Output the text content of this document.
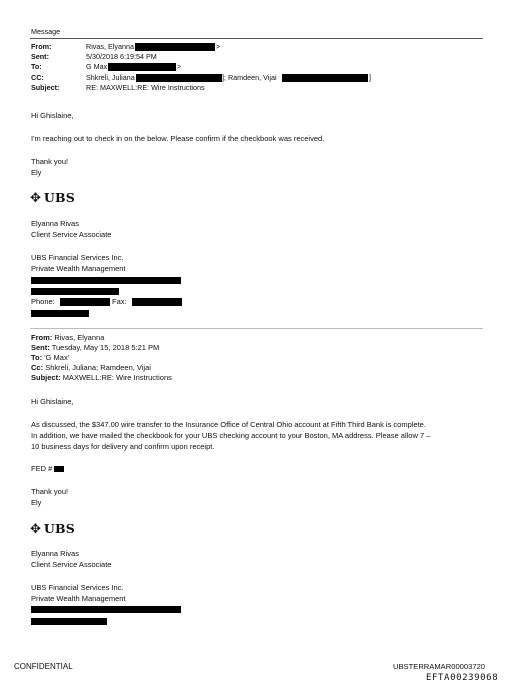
Message
From:	Rivas, Elyanna	>
Sent:	5/30/2018 6:19:54 PM
To:	G Max	>
CC:	Shkreli, Juliana	]; Ramdeen, Vijai	]
Subject:	RE: MAXWELL:RE: Wire Instructions
Hi Ghislaine,
I'm reaching out to check in on the below. Please confirm if the checkbook was received.
Thank you!
Ely
✥ UBS
Elyanna Rivas
Client Service Associate
UBS Financial Services Inc.
Private Wealth Management
Phone:	Fax:
From: Rivas, Elyanna
Sent: Tuesday, May 15, 2018 5:21 PM
To: 'G Max'
Cc: Shkreli, Juliana; Ramdeen, Vijai
Subject: MAXWELL:RE: Wire Instructions
Hi Ghislaine,
As discussed, the $347.00 wire transfer to the Insurance Office of Central Ohio account at Fifth Third Bank is complete.
In addition, we have mailed the checkbook for your UBS checking account to your Boston, MA address. Please allow 7 –
10 business days for delivery and confirm upon receipt.
FED #
Thank you!
Ely
✥ UBS
Elyanna Rivas
Client Service Associate
UBS Financial Services Inc.
Private Wealth Management
CONFIDENTIAL	UBSTERRAMAR00003720
EFTA00239068
